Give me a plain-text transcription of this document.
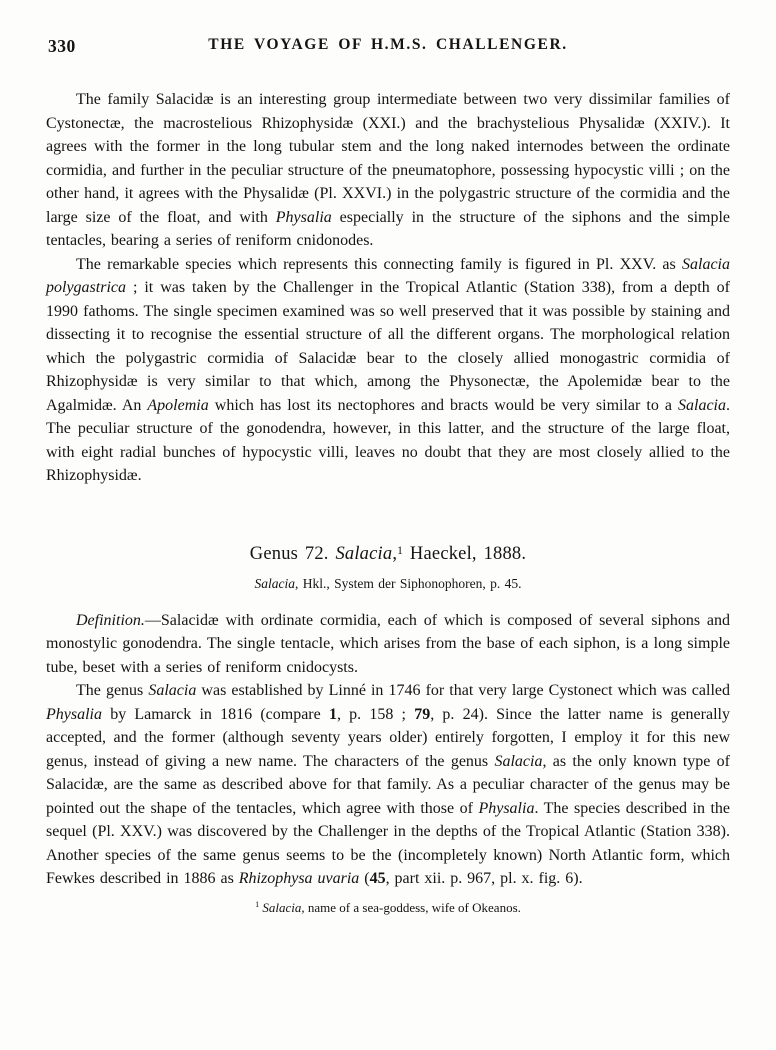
330	THE VOYAGE OF H.M.S. CHALLENGER.

The family Salacidæ is an interesting group intermediate between two very dissimilar families of Cystonectæ, the macrostelious Rhizophysidæ (XXI.) and the brachystelious Physalidæ (XXIV.). It agrees with the former in the long tubular stem and the long naked internodes between the ordinate cormidia, and further in the peculiar structure of the pneumatophore, possessing hypocystic villi ; on the other hand, it agrees with the Physalidæ (Pl. XXVI.) in the polygastric structure of the cormidia and the large size of the float, and with Physalia especially in the structure of the siphons and the simple tentacles, bearing a series of reniform cnidonodes.

The remarkable species which represents this connecting family is figured in Pl. XXV. as Salacia polygastrica ; it was taken by the Challenger in the Tropical Atlantic (Station 338), from a depth of 1990 fathoms. The single specimen examined was so well preserved that it was possible by staining and dissecting it to recognise the essential structure of all the different organs. The morphological relation which the polygastric cormidia of Salacidæ bear to the closely allied monogastric cormidia of Rhizophysidæ is very similar to that which, among the Physonectæ, the Apolemidæ bear to the Agalmidæ. An Apolemia which has lost its nectophores and bracts would be very similar to a Salacia. The peculiar structure of the gonodendra, however, in this latter, and the structure of the large float, with eight radial bunches of hypocystic villi, leaves no doubt that they are most closely allied to the Rhizophysidæ.

Genus 72. Salacia,$^1$ Haeckel, 1888.
Salacia, Hkl., System der Siphonophoren, p. 45.

Definition.—Salacidæ with ordinate cormidia, each of which is composed of several siphons and monostylic gonodendra. The single tentacle, which arises from the base of each siphon, is a long simple tube, beset with a series of reniform cnidocysts.

The genus Salacia was established by Linné in 1746 for that very large Cystonect which was called Physalia by Lamarck in 1816 (compare 1, p. 158 ; 79, p. 24). Since the latter name is generally accepted, and the former (although seventy years older) entirely forgotten, I employ it for this new genus, instead of giving a new name. The characters of the genus Salacia, as the only known type of Salacidæ, are the same as described above for that family. As a peculiar character of the genus may be pointed out the shape of the tentacles, which agree with those of Physalia. The species described in the sequel (Pl. XXV.) was discovered by the Challenger in the depths of the Tropical Atlantic (Station 338). Another species of the same genus seems to be the (incompletely known) North Atlantic form, which Fewkes described in 1886 as Rhizophysa uvaria (45, part xii. p. 967, pl. x. fig. 6).

$^1$ Salacia, name of a sea-goddess, wife of Okeanos.
